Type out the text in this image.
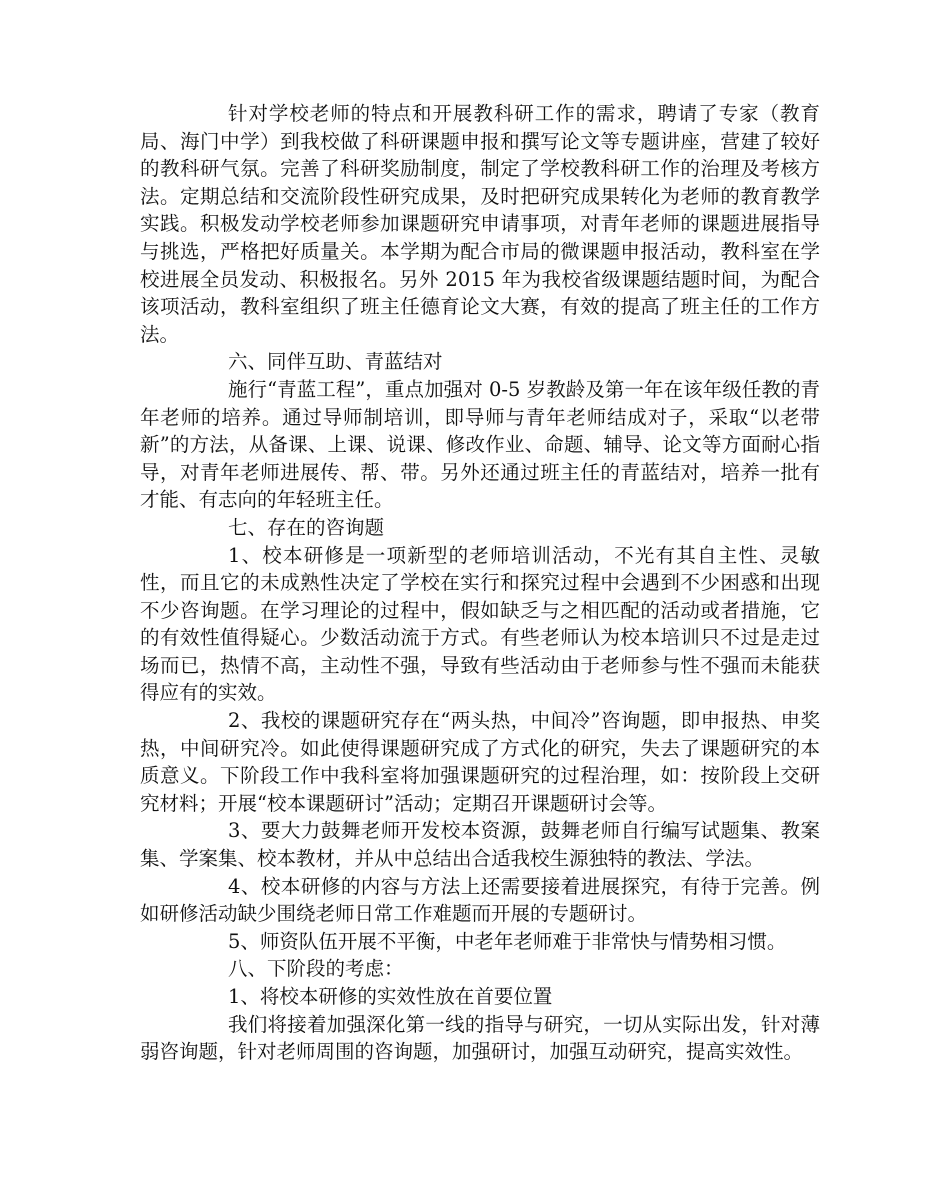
针对学校老师的特点和开展教科研工作的需求，聘请了专家（教育局、海门中学）到我校做了科研课题申报和撰写论文等专题讲座，营建了较好的教科研气氛。完善了科研奖励制度，制定了学校教科研工作的治理及考核方法。定期总结和交流阶段性研究成果，及时把研究成果转化为老师的教育教学实践。积极发动学校老师参加课题研究申请事项，对青年老师的课题进展指导与挑选，严格把好质量关。本学期为配合市局的微课题申报活动，教科室在学校进展全员发动、积极报名。另外 2015 年为我校省级课题结题时间，为配合该项活动，教科室组织了班主任德育论文大赛，有效的提高了班主任的工作方法。

六、同伴互助、青蓝结对

施行“青蓝工程”，重点加强对 0-5 岁教龄及第一年在该年级任教的青年老师的培养。通过导师制培训，即导师与青年老师结成对子，采取“以老带新”的方法，从备课、上课、说课、修改作业、命题、辅导、论文等方面耐心指导，对青年老师进展传、帮、带。另外还通过班主任的青蓝结对，培养一批有才能、有志向的年轻班主任。

七、存在的咨询题

1、校本研修是一项新型的老师培训活动，不光有其自主性、灵敏性，而且它的未成熟性决定了学校在实行和探究过程中会遇到不少困惑和出现不少咨询题。在学习理论的过程中，假如缺乏与之相匹配的活动或者措施，它的有效性值得疑心。少数活动流于方式。有些老师认为校本培训只不过是走过场而已，热情不高，主动性不强，导致有些活动由于老师参与性不强而未能获得应有的实效。

2、我校的课题研究存在“两头热，中间冷”咨询题，即申报热、申奖热，中间研究冷。如此使得课题研究成了方式化的研究，失去了课题研究的本质意义。下阶段工作中我科室将加强课题研究的过程治理，如：按阶段上交研究材料；开展“校本课题研讨”活动；定期召开课题研讨会等。

3、要大力鼓舞老师开发校本资源，鼓舞老师自行编写试题集、教案集、学案集、校本教材，并从中总结出合适我校生源独特的教法、学法。

4、校本研修的内容与方法上还需要接着进展探究，有待于完善。例如研修活动缺少围绕老师日常工作难题而开展的专题研讨。

5、师资队伍开展不平衡，中老年老师难于非常快与情势相习惯。

八、下阶段的考虑：

1、将校本研修的实效性放在首要位置

我们将接着加强深化第一线的指导与研究，一切从实际出发，针对薄弱咨询题，针对老师周围的咨询题，加强研讨，加强互动研究，提高实效性。
